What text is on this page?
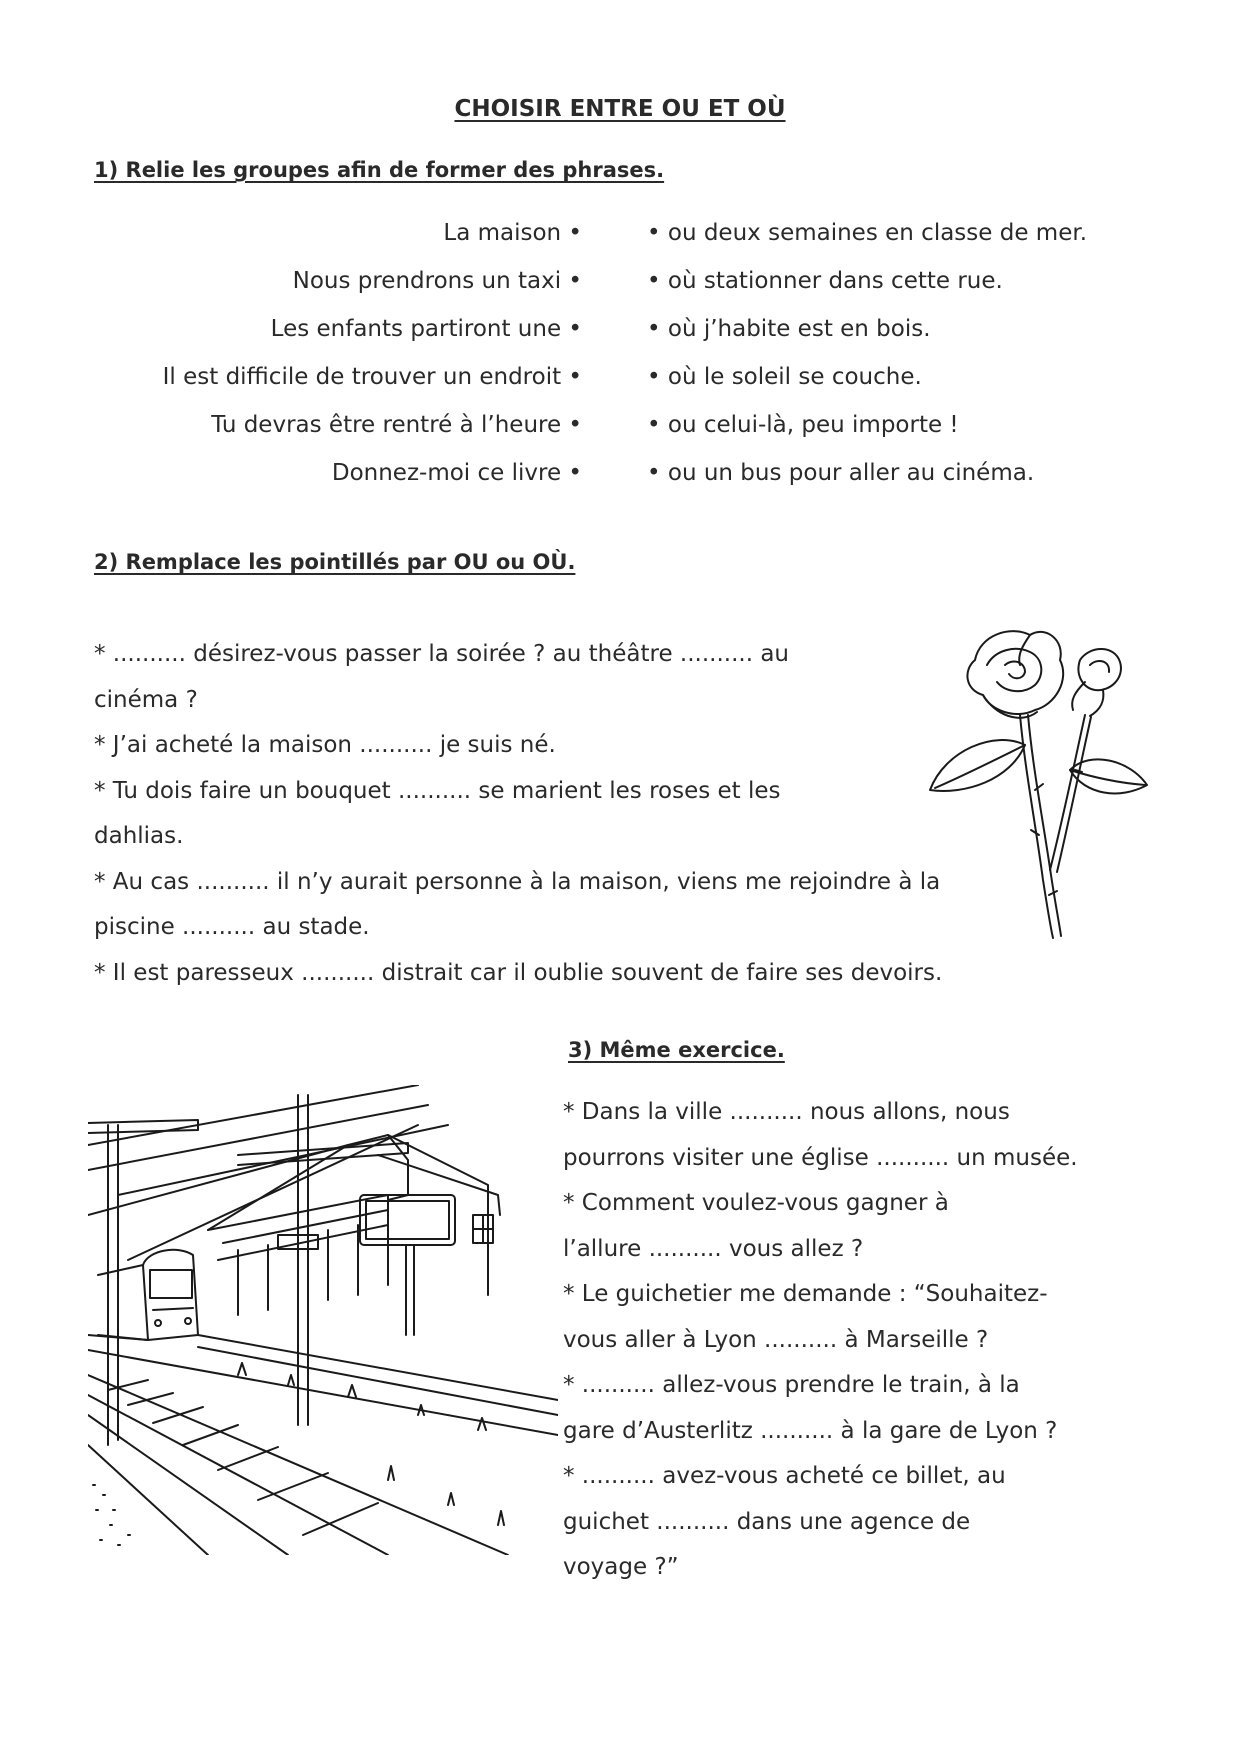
CHOISIR ENTRE OU ET OÙ
1) Relie les groupes afin de former des phrases.
La maison •	• ou deux semaines en classe de mer.
Nous prendrons un taxi •	• où stationner dans cette rue.
Les enfants partiront une •	• où j’habite est en bois.
Il est difficile de trouver un endroit •	• où le soleil se couche.
Tu devras être rentré à l’heure •	• ou celui-là, peu importe !
Donnez-moi ce livre •	• ou un bus pour aller au cinéma.
2) Remplace les pointillés par OU ou OÙ.
* .......... désirez-vous passer la soirée ? au théâtre .......... au
cinéma ?
* J’ai acheté la maison .......... je suis né.
* Tu dois faire un bouquet .......... se marient les roses et les
dahlias.
* Au cas .......... il n’y aurait personne à la maison, viens me rejoindre à la
piscine .......... au stade.
* Il est paresseux .......... distrait car il oublie souvent de faire ses devoirs.
3) Même exercice.
* Dans la ville .......... nous allons, nous
pourrons visiter une église .......... un musée.
* Comment voulez-vous gagner à
l’allure .......... vous allez ?
* Le guichetier me demande : “Souhaitez-
vous aller à Lyon .......... à Marseille ?
* .......... allez-vous prendre le train, à la
gare d’Austerlitz .......... à la gare de Lyon ?
* .......... avez-vous acheté ce billet, au
guichet .......... dans une agence de
voyage ?”
